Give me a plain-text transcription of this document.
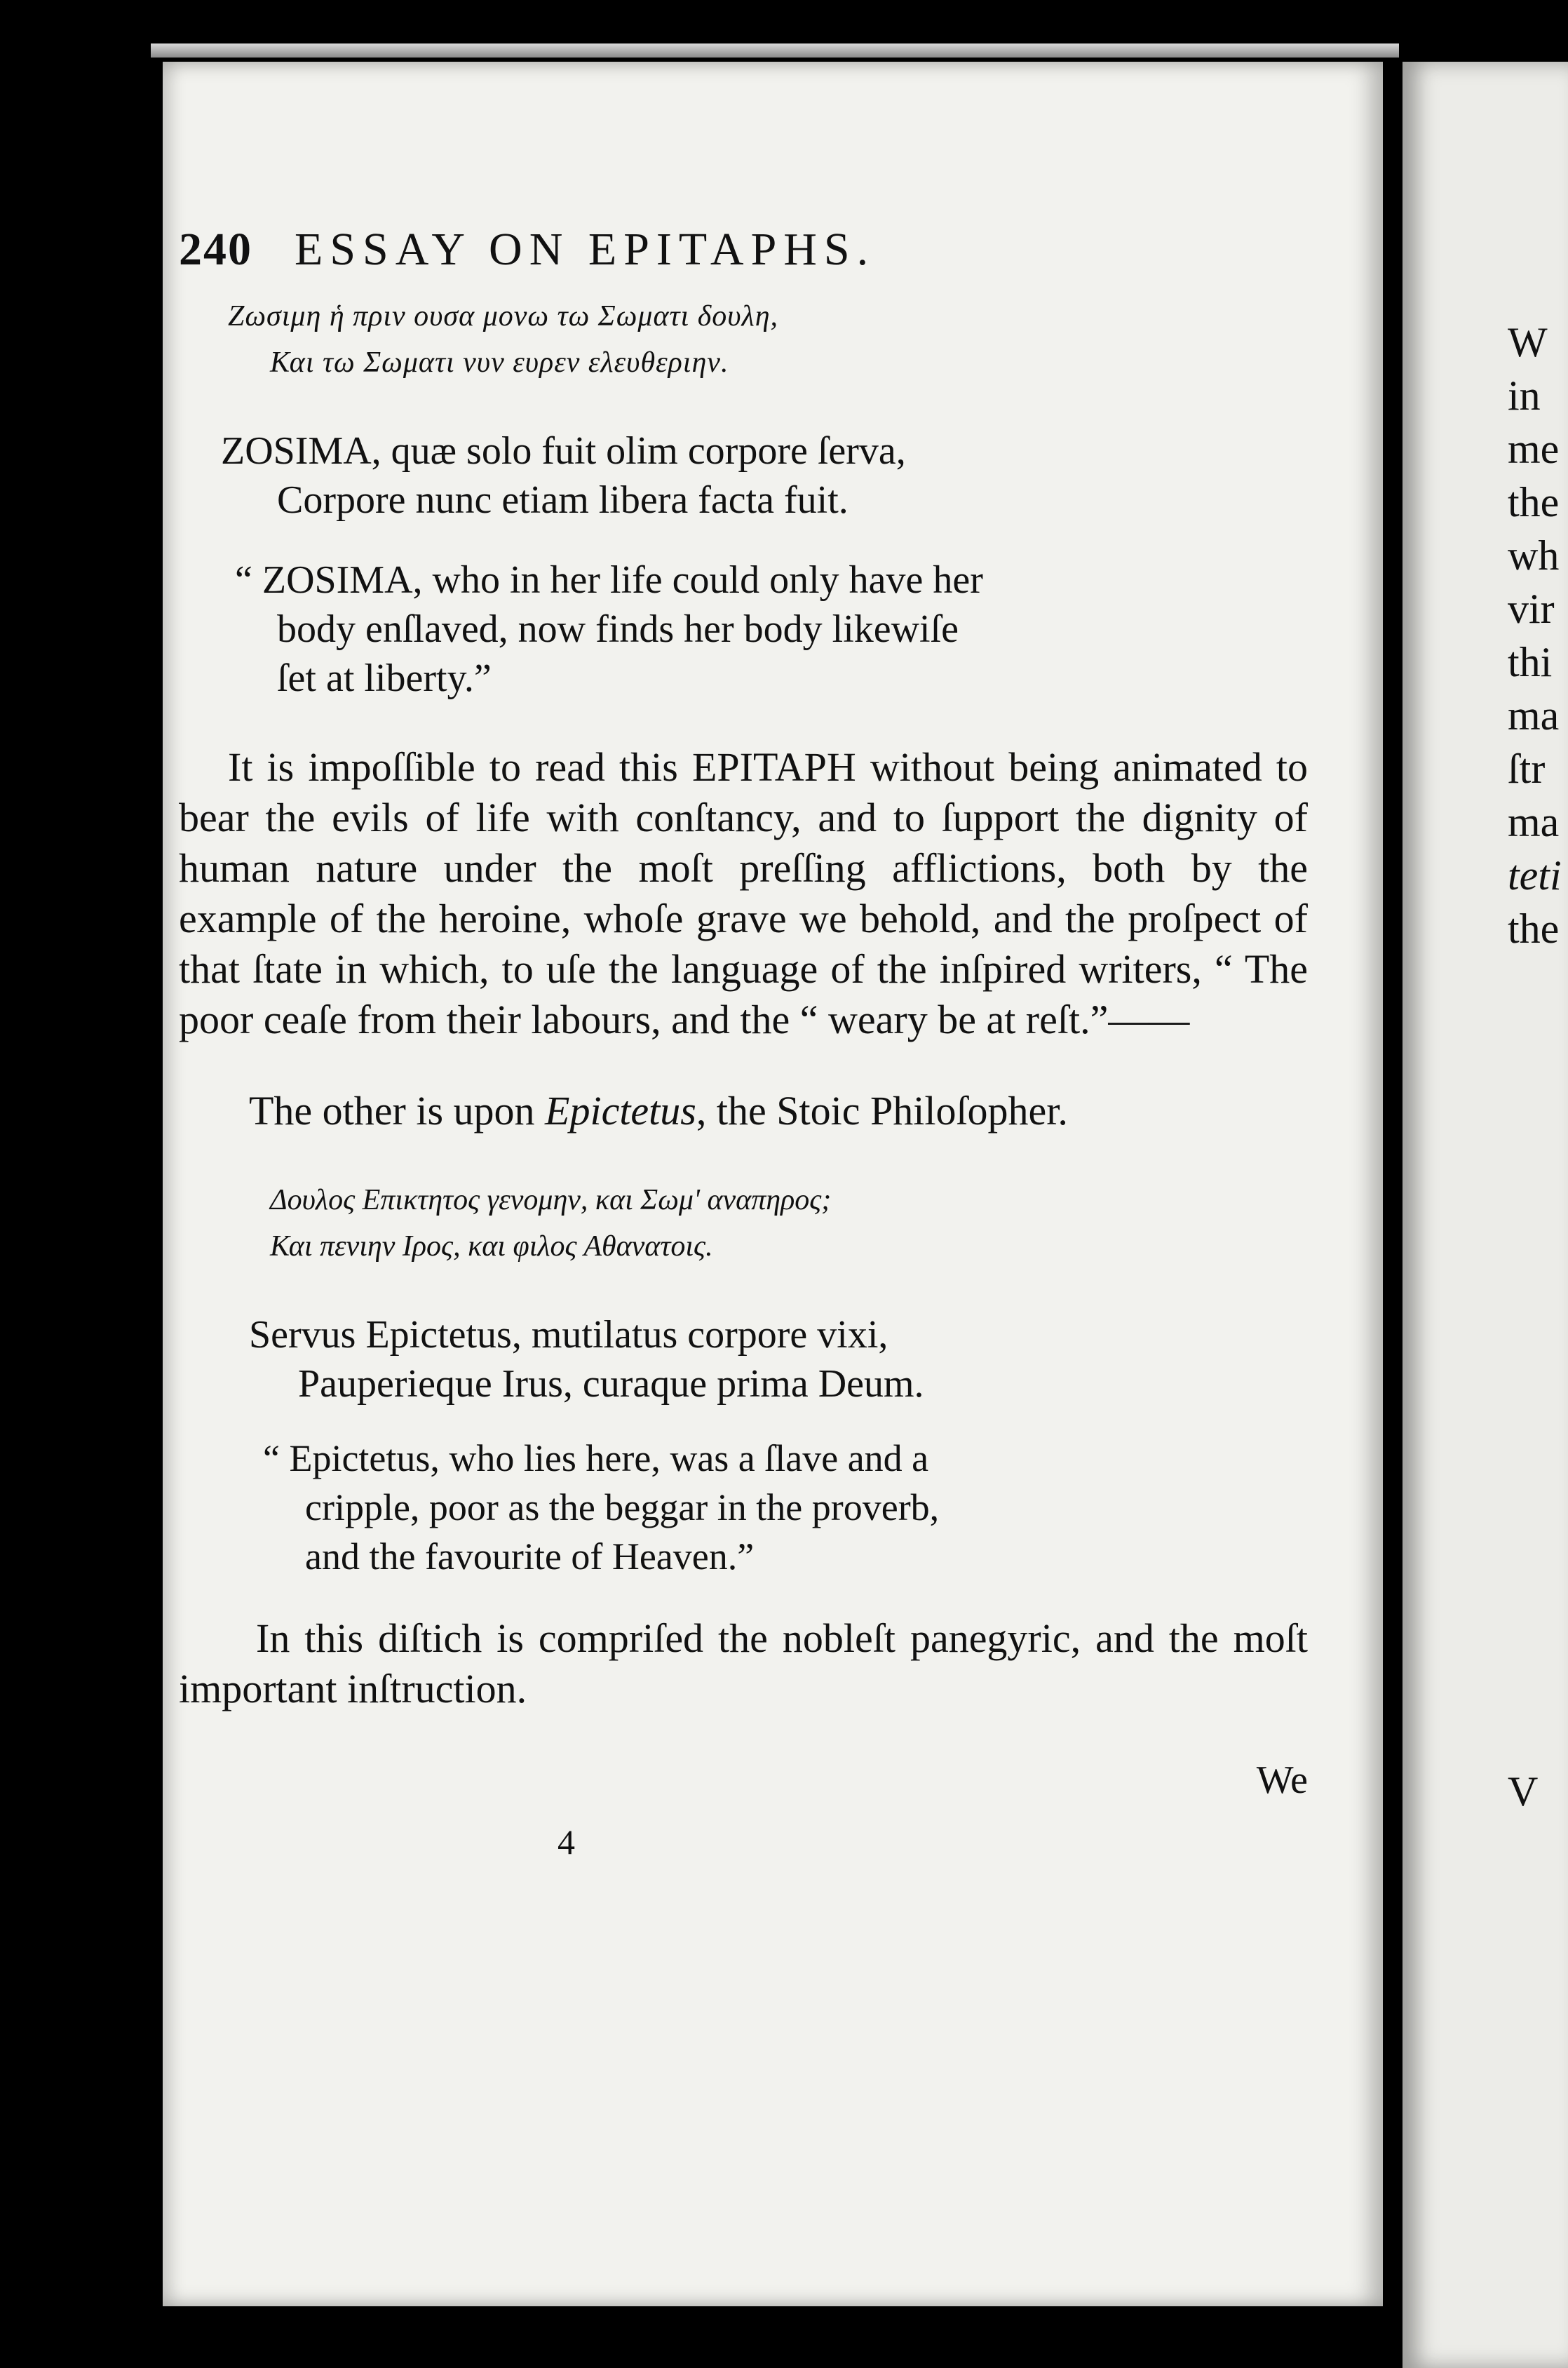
240 ESSAY ON EPITAPHS.
Ζωσιμη ἡ πριν ουσα μονω τω Σωματι δουλη,
Και τω Σωματι νυν ευρεν ελευθεριην.
ZOSIMA, quæ solo fuit olim corpore ſerva,
Corpore nunc etiam libera facta fuit.
“ ZOSIMA, who in her life could only have her
body enſlaved, now finds her body likewiſe
ſet at liberty.”

It is impoſſible to read this EPITAPH without being animated to bear the evils of life with conſtancy, and to ſupport the dignity of human nature under the moſt preſſing afflictions, both by the example of the heroine, whoſe grave we behold, and the proſpect of that ſtate in which, to uſe the language of the inſpired writers, “ The poor ceaſe from their labours, and the “ weary be at reſt.”——

The other is upon Epictetus, the Stoic Philoſopher.

Δουλος Επικτητος γενομην, και Σωμ' αναπηρος;
Και πενιην Ιρος, και φιλος Αθανατοις.
Servus Epictetus, mutilatus corpore vixi,
Pauperieque Irus, curaque prima Deum.
“ Epictetus, who lies here, was a ſlave and a
cripple, poor as the beggar in the proverb,
and the favourite of Heaven.”

In this diſtich is compriſed the nobleſt panegyric, and the moſt important inſtruction.

We
4
W
in
me
the
wh
vir
thi
ma
ſtr
ma
teti
the
V
